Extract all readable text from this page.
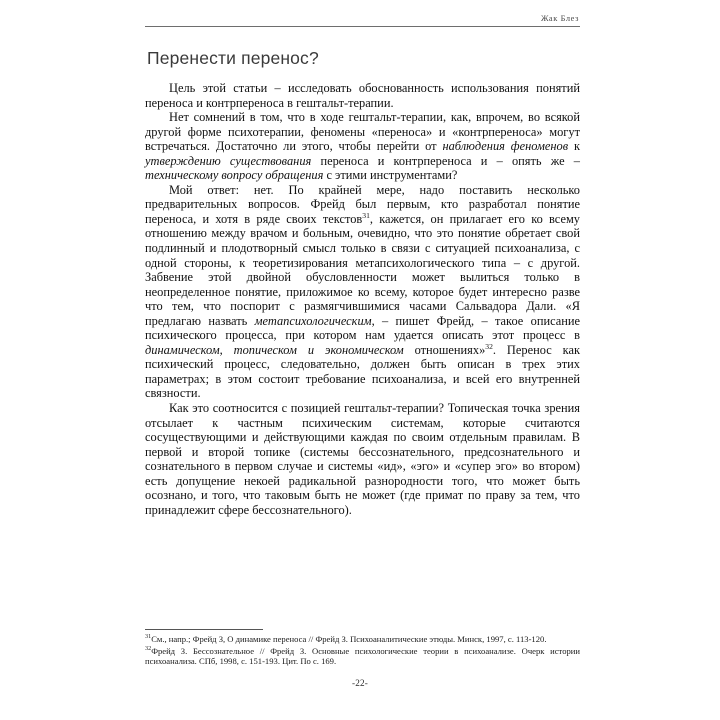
Жак Блез
Перенести перенос?

Цель этой статьи – исследовать обоснованность использования понятий переноса и контрпереноса в гештальт-терапии.

Нет сомнений в том, что в ходе гештальт-терапии, как, впрочем, во всякой другой форме психотерапии, феномены «переноса» и «контрпереноса» могут встречаться. Достаточно ли этого, чтобы перейти от наблюдения феноменов к утверждению существования переноса и контрпереноса и – опять же – техническому вопросу обращения с этими инструментами?

Мой ответ: нет. По крайней мере, надо поставить несколько предварительных вопросов. Фрейд был первым, кто разработал понятие переноса, и хотя в ряде своих текстов$^{31}$, кажется, он прилагает его ко всему отношению между врачом и больным, очевидно, что это понятие обретает свой подлинный и плодотворный смысл только в связи с ситуацией психоанализа, с одной стороны, к теоретизирования метапсихологического типа – с другой. Забвение этой двойной обусловленности может вылиться только в неопределенное понятие, приложимое ко всему, которое будет интересно разве что тем, что поспорит с размягчившимися часами Сальвадора Дали. «Я предлагаю назвать метапсихологическим, – пишет Фрейд, – такое описание психического процесса, при котором нам удается описать этот процесс в динамическом, топическом и экономическом отношениях»$^{32}$. Перенос как психический процесс, следовательно, должен быть описан в трех этих параметрах; в этом состоит требование психоанализа, и всей его внутренней связности.

Как это соотносится с позицией гештальт-терапии? Топическая точка зрения отсылает к частным психическим системам, которые считаются сосуществующими и действующими каждая по своим отдельным правилам. В первой и второй топике (системы бессознательного, предсознательного и сознательного в первом случае и системы «ид», «эго» и «супер эго» во втором) есть допущение некоей радикальной разнородности того, что может быть осознано, и того, что таковым быть не может (где примат по праву за тем, что принадлежит сфере бессознательного).

$^{31}$См., напр.; Фрейд З, О динамике переноса // Фрейд З. Психоаналитические этюды. Минск, 1997, с. 113-120.
$^{32}$Фрейд З. Бессознательное // Фрейд З. Основные психологические теории в психоанализе. Очерк истории психоанализа. СПб, 1998, с. 151-193. Цит. По с. 169.
-22-
